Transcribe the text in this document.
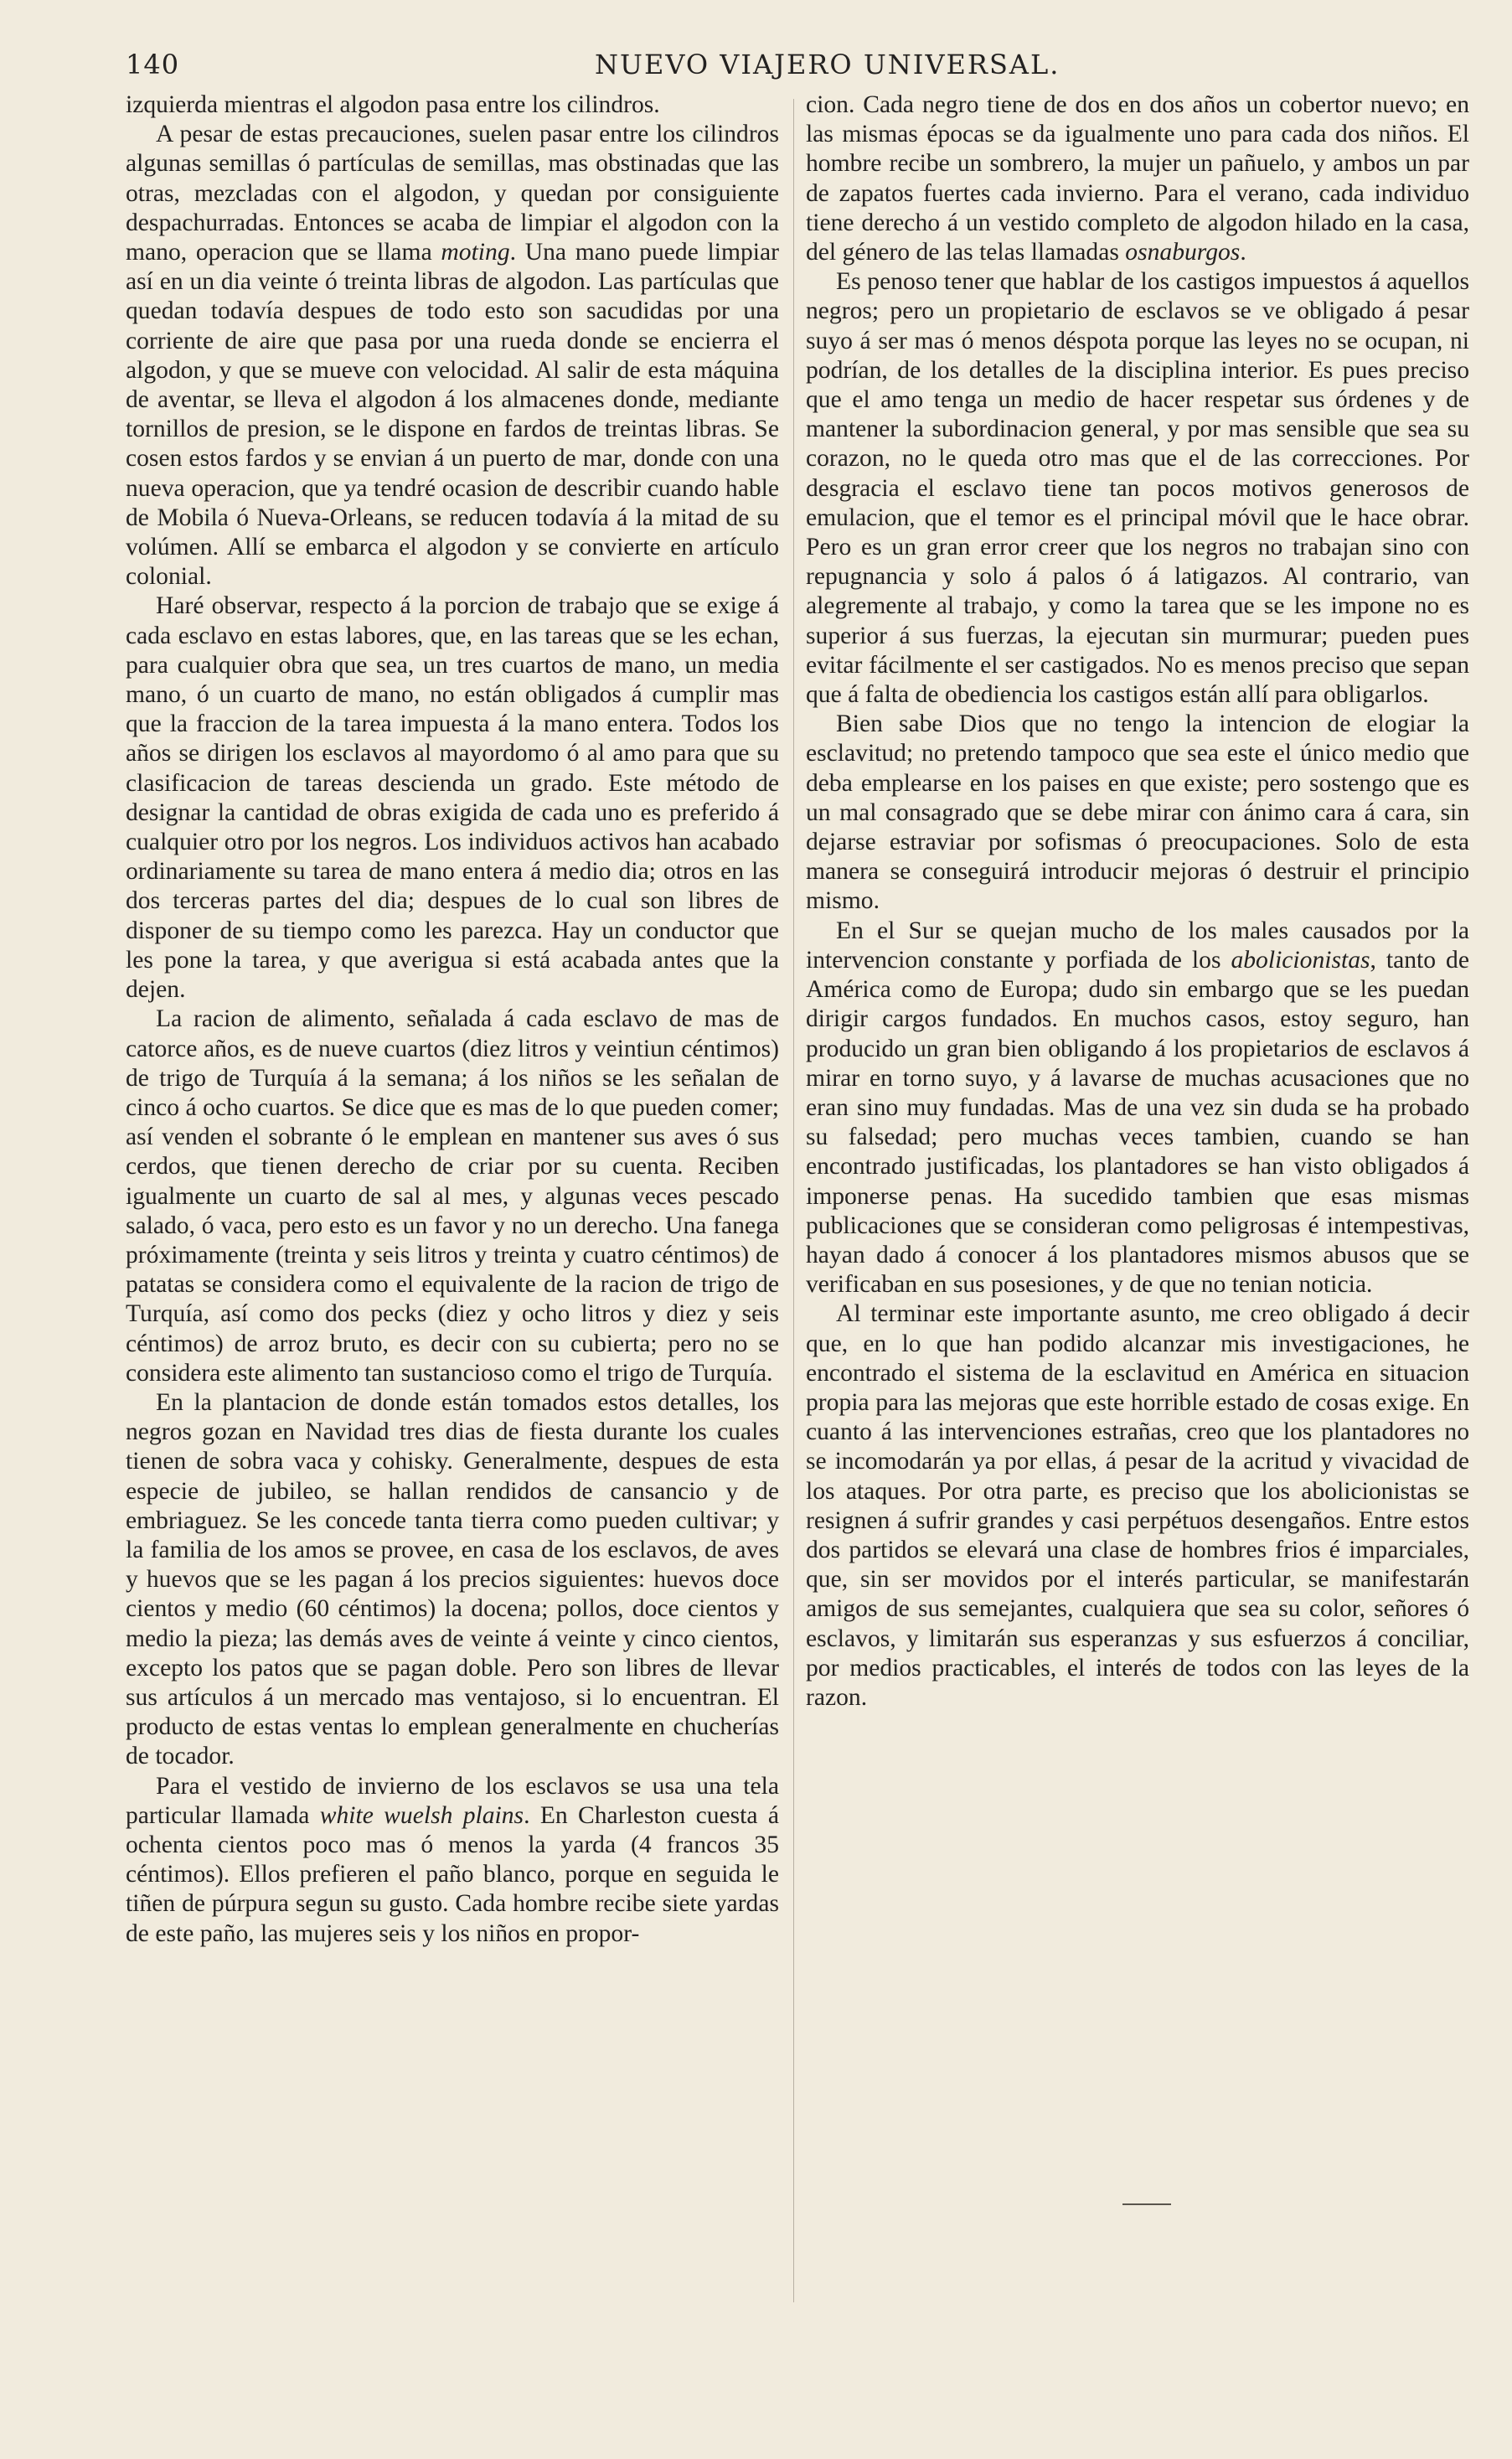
140	NUEVO VIAJERO UNIVERSAL.

izquierda mientras el algodon pasa entre los cilindros.

A pesar de estas precauciones, suelen pasar entre los cilindros algunas semillas ó partículas de semillas, mas obstinadas que las otras, mezcladas con el algodon, y quedan por consiguiente despachurradas. Entonces se acaba de limpiar el algodon con la mano, operacion que se llama moting. Una mano puede limpiar así en un dia veinte ó treinta libras de algodon. Las partículas que quedan todavía despues de todo esto son sacudidas por una corriente de aire que pasa por una rueda donde se encierra el algodon, y que se mueve con velocidad. Al salir de esta máquina de aventar, se lleva el algodon á los almacenes donde, mediante tornillos de presion, se le dispone en fardos de treintas libras. Se cosen estos fardos y se envian á un puerto de mar, donde con una nueva operacion, que ya tendré ocasion de describir cuando hable de Mobila ó Nueva-Orleans, se reducen todavía á la mitad de su volúmen. Allí se embarca el algodon y se convierte en artículo colonial.

Haré observar, respecto á la porcion de trabajo que se exige á cada esclavo en estas labores, que, en las tareas que se les echan, para cualquier obra que sea, un tres cuartos de mano, un media mano, ó un cuarto de mano, no están obligados á cumplir mas que la fraccion de la tarea impuesta á la mano entera. Todos los años se dirigen los esclavos al mayordomo ó al amo para que su clasificacion de tareas descienda un grado. Este método de designar la cantidad de obras exigida de cada uno es preferido á cualquier otro por los negros. Los individuos activos han acabado ordinariamente su tarea de mano entera á medio dia; otros en las dos terceras partes del dia; despues de lo cual son libres de disponer de su tiempo como les parezca. Hay un conductor que les pone la tarea, y que averigua si está acabada antes que la dejen.

La racion de alimento, señalada á cada esclavo de mas de catorce años, es de nueve cuartos (diez litros y veintiun céntimos) de trigo de Turquía á la semana; á los niños se les señalan de cinco á ocho cuartos. Se dice que es mas de lo que pueden comer; así venden el sobrante ó le emplean en mantener sus aves ó sus cerdos, que tienen derecho de criar por su cuenta. Reciben igualmente un cuarto de sal al mes, y algunas veces pescado salado, ó vaca, pero esto es un favor y no un derecho. Una fanega próximamente (treinta y seis litros y treinta y cuatro céntimos) de patatas se considera como el equivalente de la racion de trigo de Turquía, así como dos pecks (diez y ocho litros y diez y seis céntimos) de arroz bruto, es decir con su cubierta; pero no se considera este alimento tan sustancioso como el trigo de Turquía.

En la plantacion de donde están tomados estos detalles, los negros gozan en Navidad tres dias de fiesta durante los cuales tienen de sobra vaca y cohisky. Generalmente, despues de esta especie de jubileo, se hallan rendidos de cansancio y de embriaguez. Se les concede tanta tierra como pueden cultivar; y la familia de los amos se provee, en casa de los esclavos, de aves y huevos que se les pagan á los precios siguientes: huevos doce cientos y medio (60 céntimos) la docena; pollos, doce cientos y medio la pieza; las demás aves de veinte á veinte y cinco cientos, excepto los patos que se pagan doble. Pero son libres de llevar sus artículos á un mercado mas ventajoso, si lo encuentran. El producto de estas ventas lo emplean generalmente en chucherías de tocador.

Para el vestido de invierno de los esclavos se usa una tela particular llamada white wuelsh plains. En Charleston cuesta á ochenta cientos poco mas ó menos la yarda (4 francos 35 céntimos). Ellos prefieren el paño blanco, porque en seguida le tiñen de púrpura segun su gusto. Cada hombre recibe siete yardas de este paño, las mujeres seis y los niños en propor-

cion. Cada negro tiene de dos en dos años un cobertor nuevo; en las mismas épocas se da igualmente uno para cada dos niños. El hombre recibe un sombrero, la mujer un pañuelo, y ambos un par de zapatos fuertes cada invierno. Para el verano, cada individuo tiene derecho á un vestido completo de algodon hilado en la casa, del género de las telas llamadas osnaburgos.

Es penoso tener que hablar de los castigos impuestos á aquellos negros; pero un propietario de esclavos se ve obligado á pesar suyo á ser mas ó menos déspota porque las leyes no se ocupan, ni podrían, de los detalles de la disciplina interior. Es pues preciso que el amo tenga un medio de hacer respetar sus órdenes y de mantener la subordinacion general, y por mas sensible que sea su corazon, no le queda otro mas que el de las correcciones. Por desgracia el esclavo tiene tan pocos motivos generosos de emulacion, que el temor es el principal móvil que le hace obrar. Pero es un gran error creer que los negros no trabajan sino con repugnancia y solo á palos ó á latigazos. Al contrario, van alegremente al trabajo, y como la tarea que se les impone no es superior á sus fuerzas, la ejecutan sin murmurar; pueden pues evitar fácilmente el ser castigados. No es menos preciso que sepan que á falta de obediencia los castigos están allí para obligarlos.

Bien sabe Dios que no tengo la intencion de elogiar la esclavitud; no pretendo tampoco que sea este el único medio que deba emplearse en los paises en que existe; pero sostengo que es un mal consagrado que se debe mirar con ánimo cara á cara, sin dejarse estraviar por sofismas ó preocupaciones. Solo de esta manera se conseguirá introducir mejoras ó destruir el principio mismo.

En el Sur se quejan mucho de los males causados por la intervencion constante y porfiada de los abolicionistas, tanto de América como de Europa; dudo sin embargo que se les puedan dirigir cargos fundados. En muchos casos, estoy seguro, han producido un gran bien obligando á los propietarios de esclavos á mirar en torno suyo, y á lavarse de muchas acusaciones que no eran sino muy fundadas. Mas de una vez sin duda se ha probado su falsedad; pero muchas veces tambien, cuando se han encontrado justificadas, los plantadores se han visto obligados á imponerse penas. Ha sucedido tambien que esas mismas publicaciones que se consideran como peligrosas é intempestivas, hayan dado á conocer á los plantadores mismos abusos que se verificaban en sus posesiones, y de que no tenian noticia.

Al terminar este importante asunto, me creo obligado á decir que, en lo que han podido alcanzar mis investigaciones, he encontrado el sistema de la esclavitud en América en situacion propia para las mejoras que este horrible estado de cosas exige. En cuanto á las intervenciones estrañas, creo que los plantadores no se incomodarán ya por ellas, á pesar de la acritud y vivacidad de los ataques. Por otra parte, es preciso que los abolicionistas se resignen á sufrir grandes y casi perpétuos desengaños. Entre estos dos partidos se elevará una clase de hombres frios é imparciales, que, sin ser movidos por el interés particular, se manifestarán amigos de sus semejantes, cualquiera que sea su color, señores ó esclavos, y limitarán sus esperanzas y sus esfuerzos á conciliar, por medios practicables, el interés de todos con las leyes de la razon.
